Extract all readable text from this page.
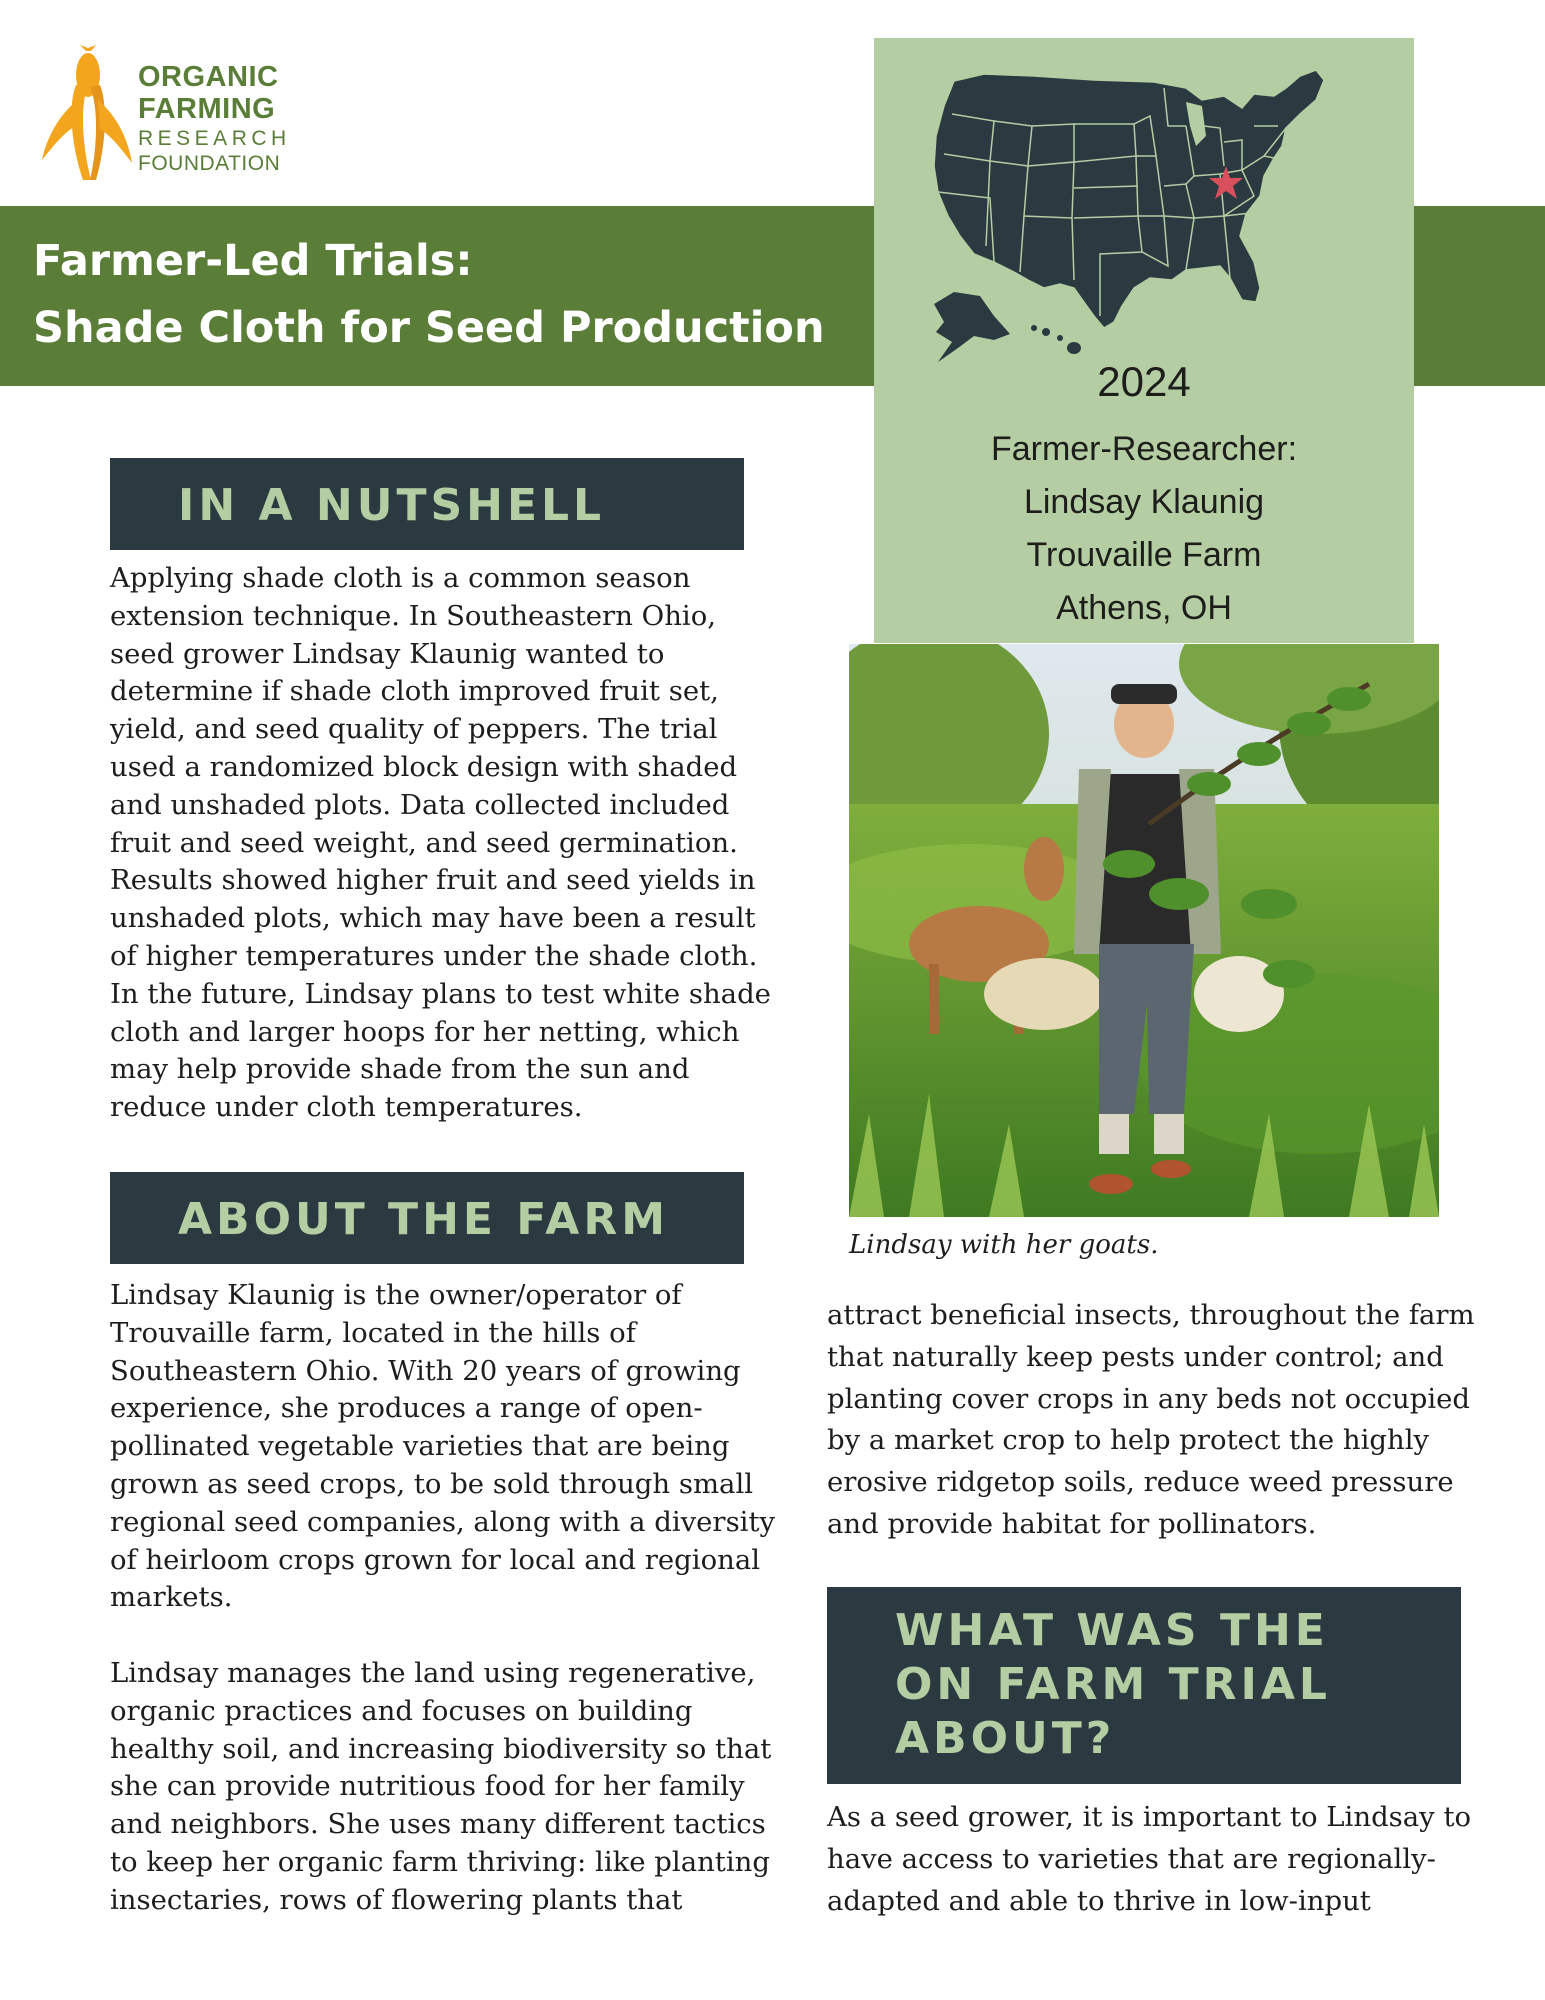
ORGANIC
FARMING
RESEARCH
FOUNDATION
Farmer-Led Trials:
Shade Cloth for Seed Production
2024
Farmer-Researcher:
Lindsay Klaunig
Trouvaille Farm
Athens, OH
IN A NUTSHELL
Applying shade cloth is a common season
extension technique. In Southeastern Ohio,
seed grower Lindsay Klaunig wanted to
determine if shade cloth improved fruit set,
yield, and seed quality of peppers. The trial
used a randomized block design with shaded
and unshaded plots. Data collected included
fruit and seed weight, and seed germination.
Results showed higher fruit and seed yields in
unshaded plots, which may have been a result
of higher temperatures under the shade cloth.
In the future, Lindsay plans to test white shade
cloth and larger hoops for her netting, which
may help provide shade from the sun and
reduce under cloth temperatures.
Lindsay with her goats.
ABOUT THE FARM
Lindsay Klaunig is the owner/operator of
Trouvaille farm, located in the hills of
Southeastern Ohio. With 20 years of growing
experience, she produces a range of open-
pollinated vegetable varieties that are being
grown as seed crops, to be sold through small
regional seed companies, along with a diversity
of heirloom crops grown for local and regional
markets.
Lindsay manages the land using regenerative,
organic practices and focuses on building
healthy soil, and increasing biodiversity so that
she can provide nutritious food for her family
and neighbors. She uses many different tactics
to keep her organic farm thriving: like planting
insectaries, rows of flowering plants that
attract beneficial insects, throughout the farm
that naturally keep pests under control; and
planting cover crops in any beds not occupied
by a market crop to help protect the highly
erosive ridgetop soils, reduce weed pressure
and provide habitat for pollinators.
WHAT WAS THE
ON FARM TRIAL
ABOUT?
As a seed grower, it is important to Lindsay to
have access to varieties that are regionally-
adapted and able to thrive in low-input
